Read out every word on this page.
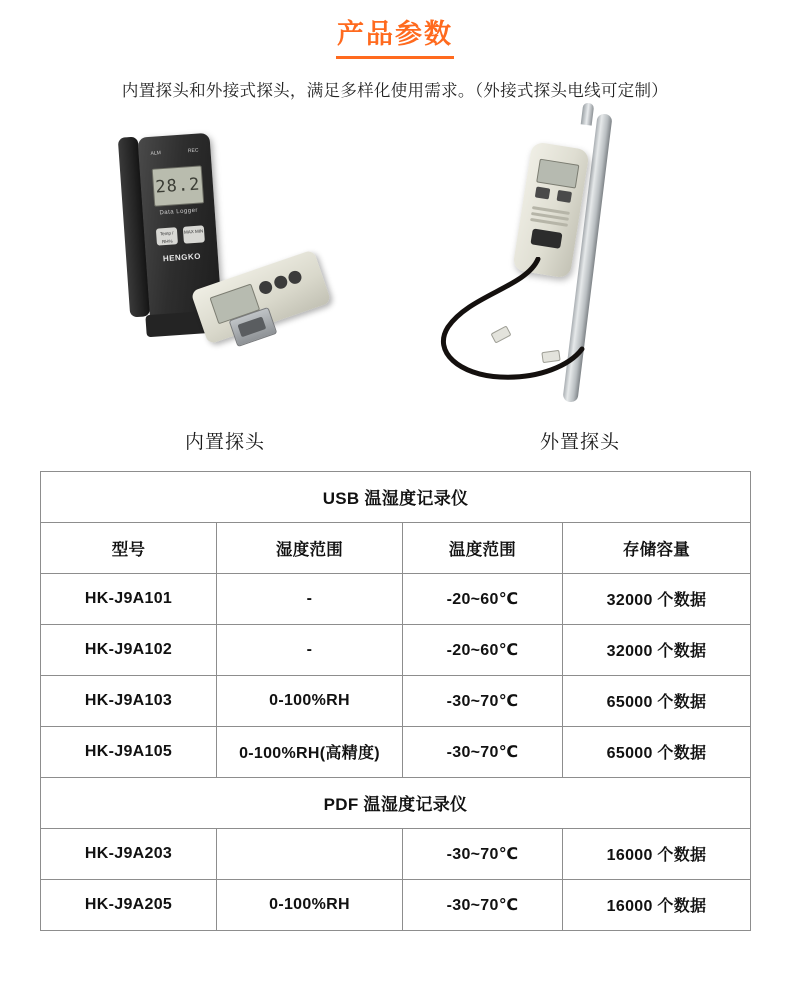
产品参数
内置探头和外接式探头，满足多样化使用需求。（外接式探头电线可定制）
ALM	REC
28.2
Data Logger
Temp / RH%
MAX MIN
HENGKO
内置探头	外置探头
USB 温湿度记录仪			
型号	湿度范围	温度范围	存储容量
HK-J9A101	-	-20~60℃	32000 个数据
HK-J9A102	-	-20~60℃	32000 个数据
HK-J9A103	0-100%RH	-30~70℃	65000 个数据
HK-J9A105	0-100%RH(高精度)	-30~70℃	65000 个数据
PDF 温湿度记录仪			
HK-J9A203		-30~70℃	16000 个数据
HK-J9A205	0-100%RH	-30~70℃	16000 个数据
